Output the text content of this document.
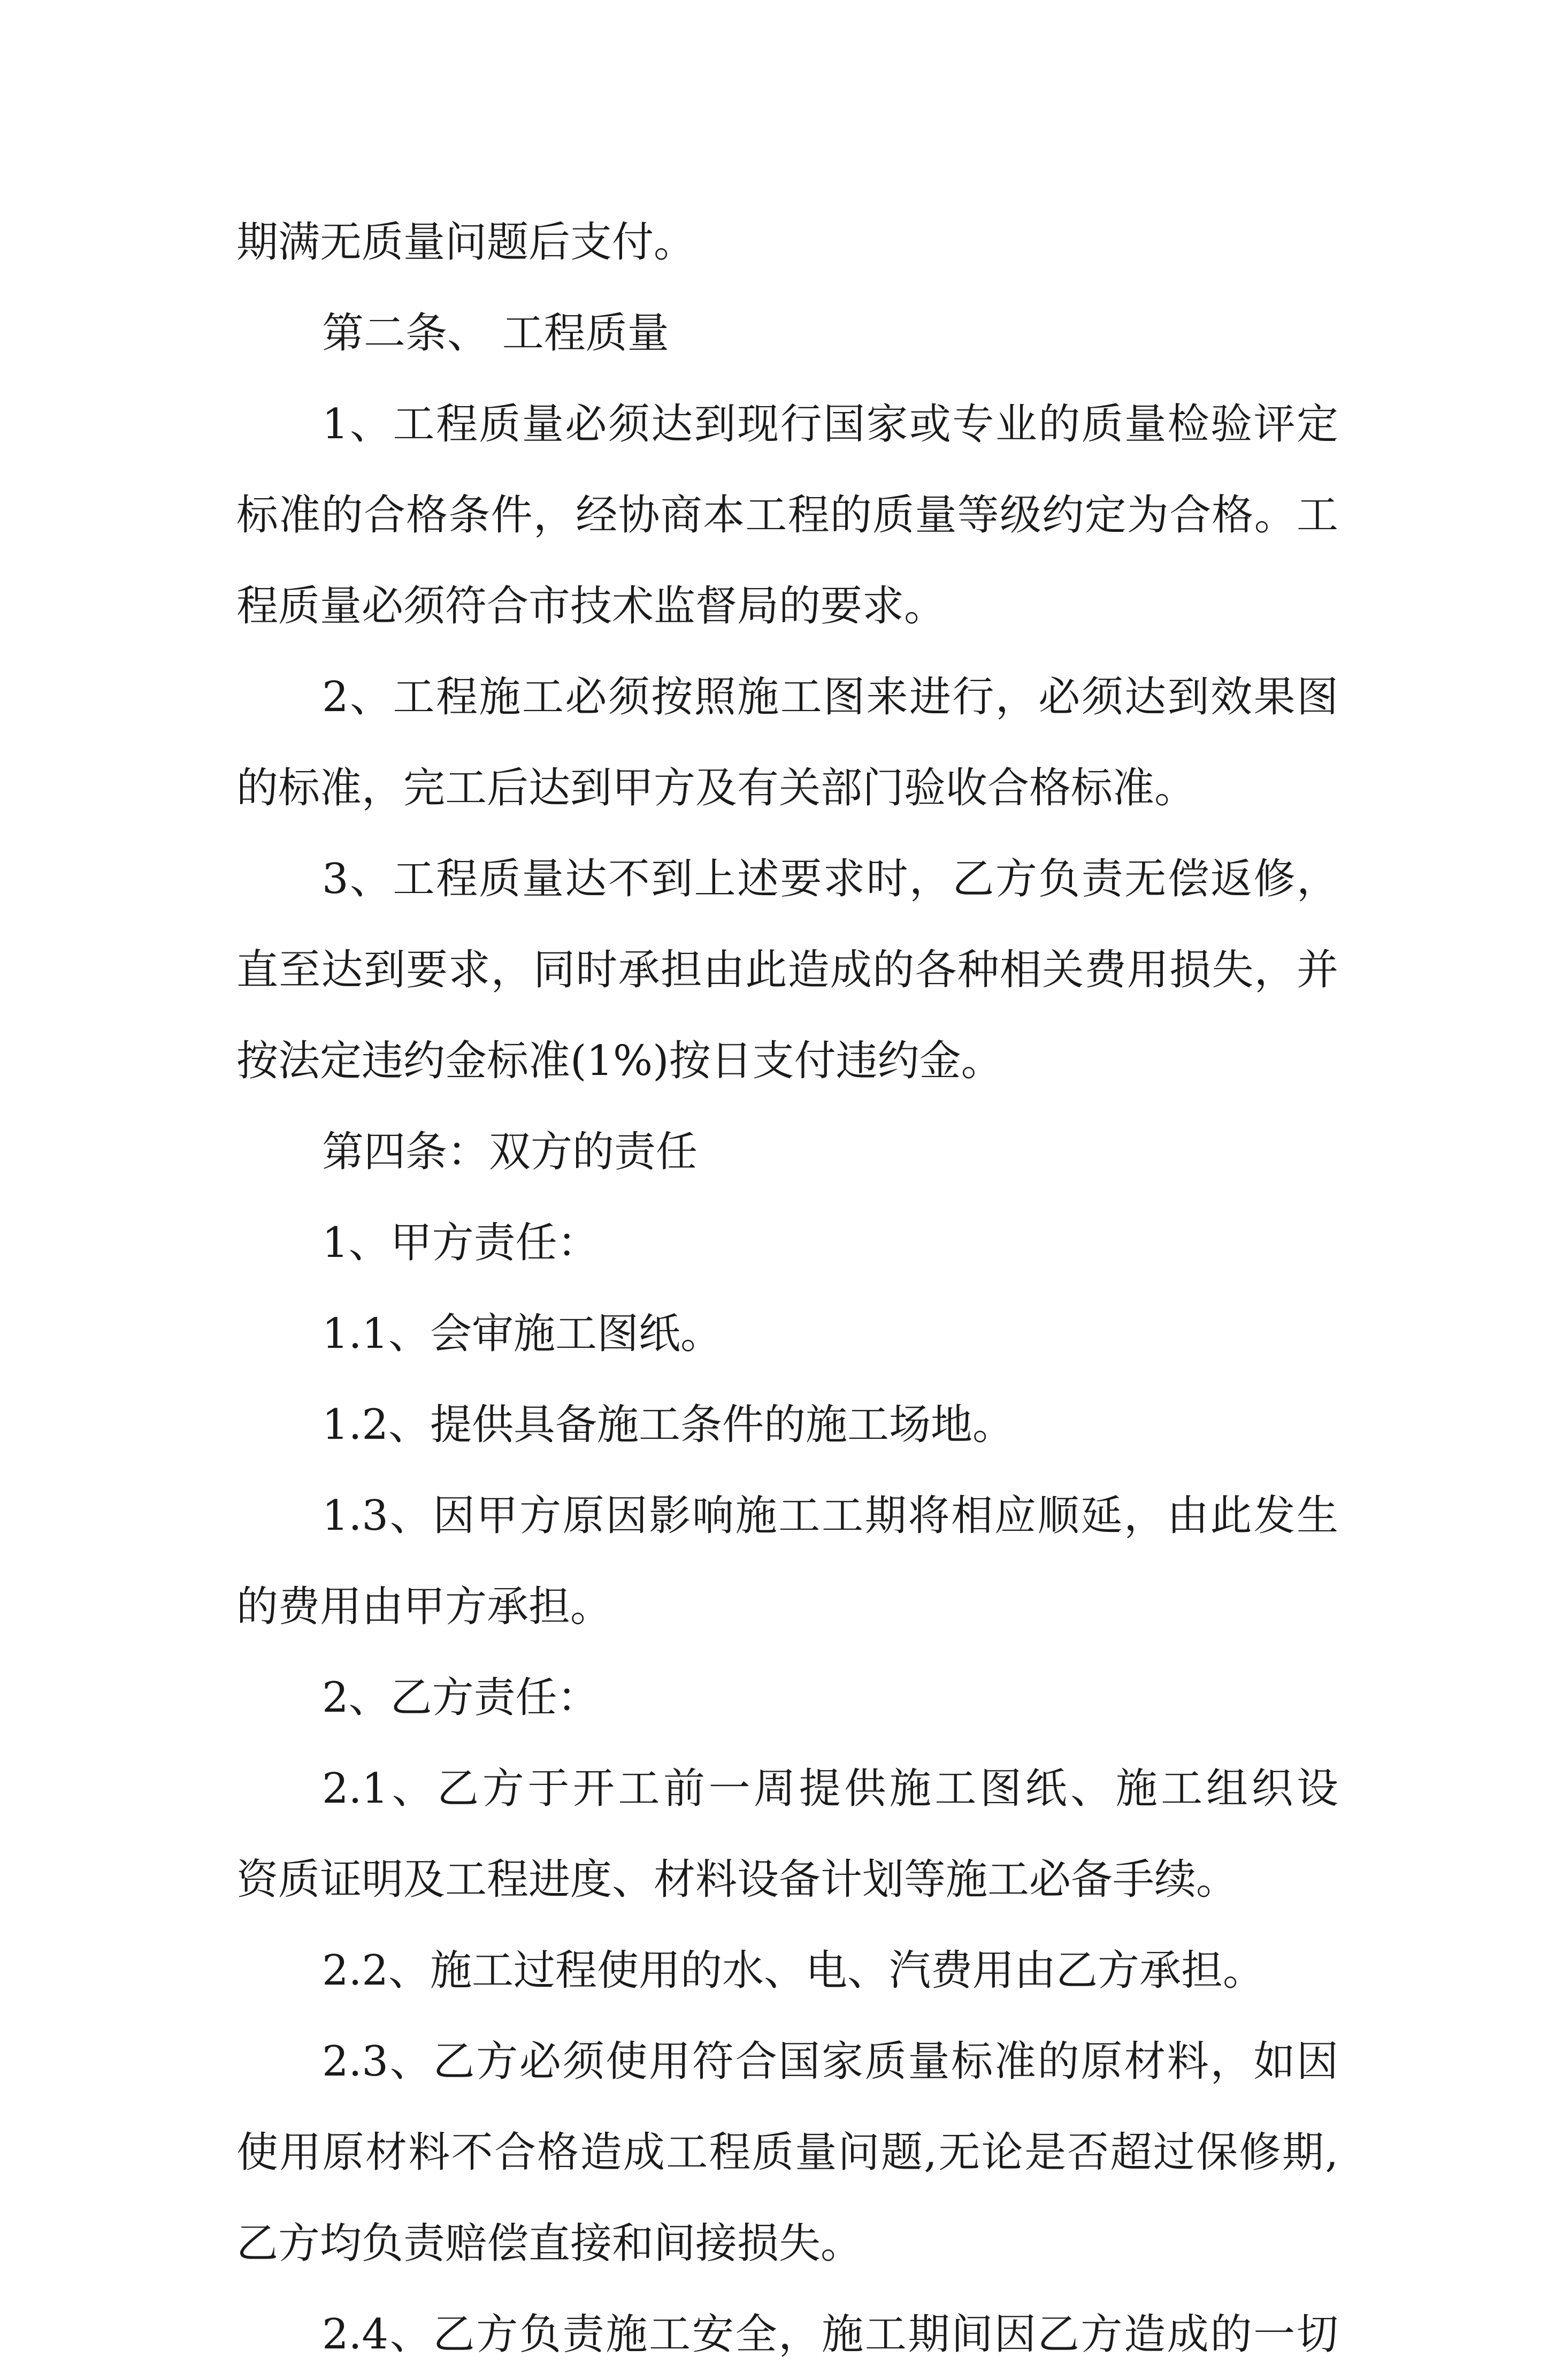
期满无质量问题后支付。
第二条、 工程质量
1、工程质量必须达到现行国家或专业的质量检验评定
标准的合格条件，经协商本工程的质量等级约定为合格。工
程质量必须符合市技术监督局的要求。
2、工程施工必须按照施工图来进行，必须达到效果图
的标准，完工后达到甲方及有关部门验收合格标准。
3、工程质量达不到上述要求时，乙方负责无偿返修，
直至达到要求，同时承担由此造成的各种相关费用损失，并
按法定违约金标准(1%)按日支付违约金。
第四条：双方的责任
1、甲方责任：
1.1、会审施工图纸。
1.2、提供具备施工条件的施工场地。
1.3、因甲方原因影响施工工期将相应顺延，由此发生
的费用由甲方承担。
2、乙方责任：
2.1、乙方于开工前一周提供施工图纸、施工组织设
资质证明及工程进度、材料设备计划等施工必备手续。
2.2、施工过程使用的水、电、汽费用由乙方承担。
2.3、乙方必须使用符合国家质量标准的原材料，如因
使用原材料不合格造成工程质量问题,无论是否超过保修期,
乙方均负责赔偿直接和间接损失。
2.4、乙方负责施工安全，施工期间因乙方造成的一切
